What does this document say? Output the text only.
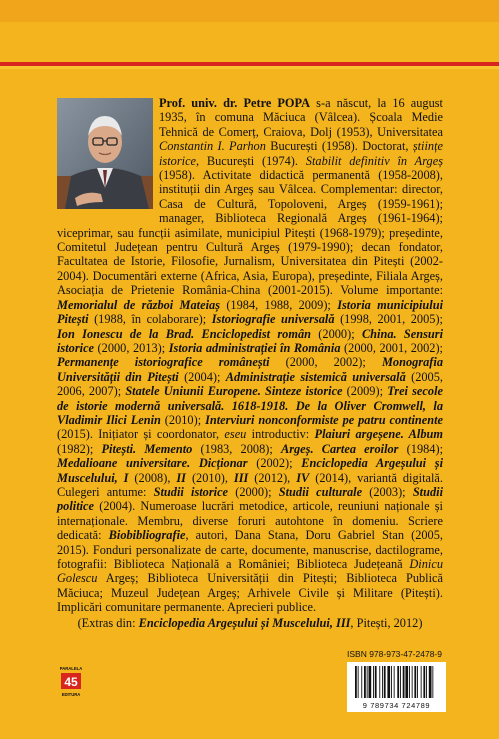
Prof. univ. dr. Petre POPA s-a născut, la 16 august 1935, în comuna Măciuca (Vâlcea). Școala Medie Tehnică de Comerț, Craiova, Dolj (1953), Universitatea Constantin I. Parhon București (1958). Doctorat, științe istorice, București (1974). Stabilit definitiv în Argeș (1958). Activitate didactică permanentă (1958-2008), instituții din Argeș sau Vâlcea. Complementar: director, Casa de Cultură, Topoloveni, Argeș (1959-1961); manager, Biblioteca Regională Argeș (1961-1964); viceprimar, sau funcții asimilate, municipiul Pitești (1968-1979); președinte, Comitetul Județean pentru Cultură Argeș (1979-1990); decan fondator, Facultatea de Istorie, Filosofie, Jurnalism, Universitatea din Pitești (2002-2004). Documentări externe (Africa, Asia, Europa), președinte, Filiala Argeș, Asociația de Prietenie România-China (2001-2015). Volume importante: Memorialul de război Mateiaș (1984, 1988, 2009); Istoria municipiului Pitești (1988, în colaborare); Istoriografie universală (1998, 2001, 2005); Ion Ionescu de la Brad. Enciclopedist român (2000); China. Sensuri istorice (2000, 2013); Istoria administrației în România (2000, 2001, 2002); Permanențe istoriografice românești (2000, 2002); Monografia Universității din Pitești (2004); Administrație sistemică universală (2005, 2006, 2007); Statele Uniunii Europene. Sinteze istorice (2009); Trei secole de istorie modernă universală. 1618-1918. De la Oliver Cromwell, la Vladimir Ilici Lenin (2010); Interviuri nonconformiste pe patru continente (2015). Inițiator și coordonator, eseu introductiv: Plaiuri argeșene. Album (1982); Pitești. Memento (1983, 2008); Argeș. Cartea eroilor (1984); Medalioane universitare. Dicționar (2002); Enciclopedia Argeșului și Muscelului, I (2008), II (2010), III (2012), IV (2014), variantă digitală. Culegeri antume: Studii istorice (2000); Studii culturale (2003); Studii politice (2004). Numeroase lucrări metodice, articole, reuniuni naționale și internaționale. Membru, diverse foruri autohtone în domeniu. Scriere dedicată: Biobibliografie, autori, Dana Stana, Doru Gabriel Stan (2005, 2015). Fonduri personalizate de carte, documente, manuscrise, dactilograme, fotografii: Biblioteca Națională a României; Biblioteca Județeană Dinicu Golescu Argeș; Biblioteca Universității din Pitești; Biblioteca Publică Măciuca; Muzeul Județean Argeș; Arhivele Civile și Militare (Pitești). Implicări comunitare permanente. Aprecieri publice.
(Extras din: Enciclopedia Argeșului și Muscelului, III, Pitești, 2012)
PARALELA
45
EDITURA
ISBN 978-973-47-2478-9
9 789734 724789
